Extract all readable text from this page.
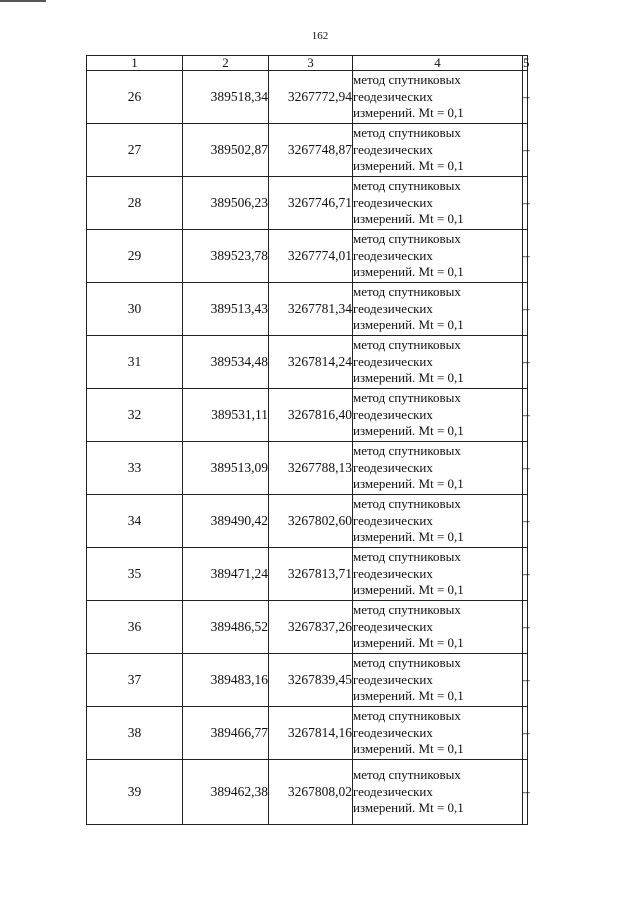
162
1	2	3	4	5
26	389518,34	3267772,94	метод спутниковых
геодезических
измерений. Mt = 0,1	–
27	389502,87	3267748,87	метод спутниковых
геодезических
измерений. Mt = 0,1	–
28	389506,23	3267746,71	метод спутниковых
геодезических
измерений. Mt = 0,1	–
29	389523,78	3267774,01	метод спутниковых
геодезических
измерений. Mt = 0,1	–
30	389513,43	3267781,34	метод спутниковых
геодезических
измерений. Mt = 0,1	–
31	389534,48	3267814,24	метод спутниковых
геодезических
измерений. Mt = 0,1	–
32	389531,11	3267816,40	метод спутниковых
геодезических
измерений. Mt = 0,1	–
33	389513,09	3267788,13	метод спутниковых
геодезических
измерений. Mt = 0,1	–
34	389490,42	3267802,60	метод спутниковых
геодезических
измерений. Mt = 0,1	–
35	389471,24	3267813,71	метод спутниковых
геодезических
измерений. Mt = 0,1	–
36	389486,52	3267837,26	метод спутниковых
геодезических
измерений. Mt = 0,1	–
37	389483,16	3267839,45	метод спутниковых
геодезических
измерений. Mt = 0,1	–
38	389466,77	3267814,16	метод спутниковых
геодезических
измерений. Mt = 0,1	–
39	389462,38	3267808,02	метод спутниковых
геодезических
измерений. Mt = 0,1	–
